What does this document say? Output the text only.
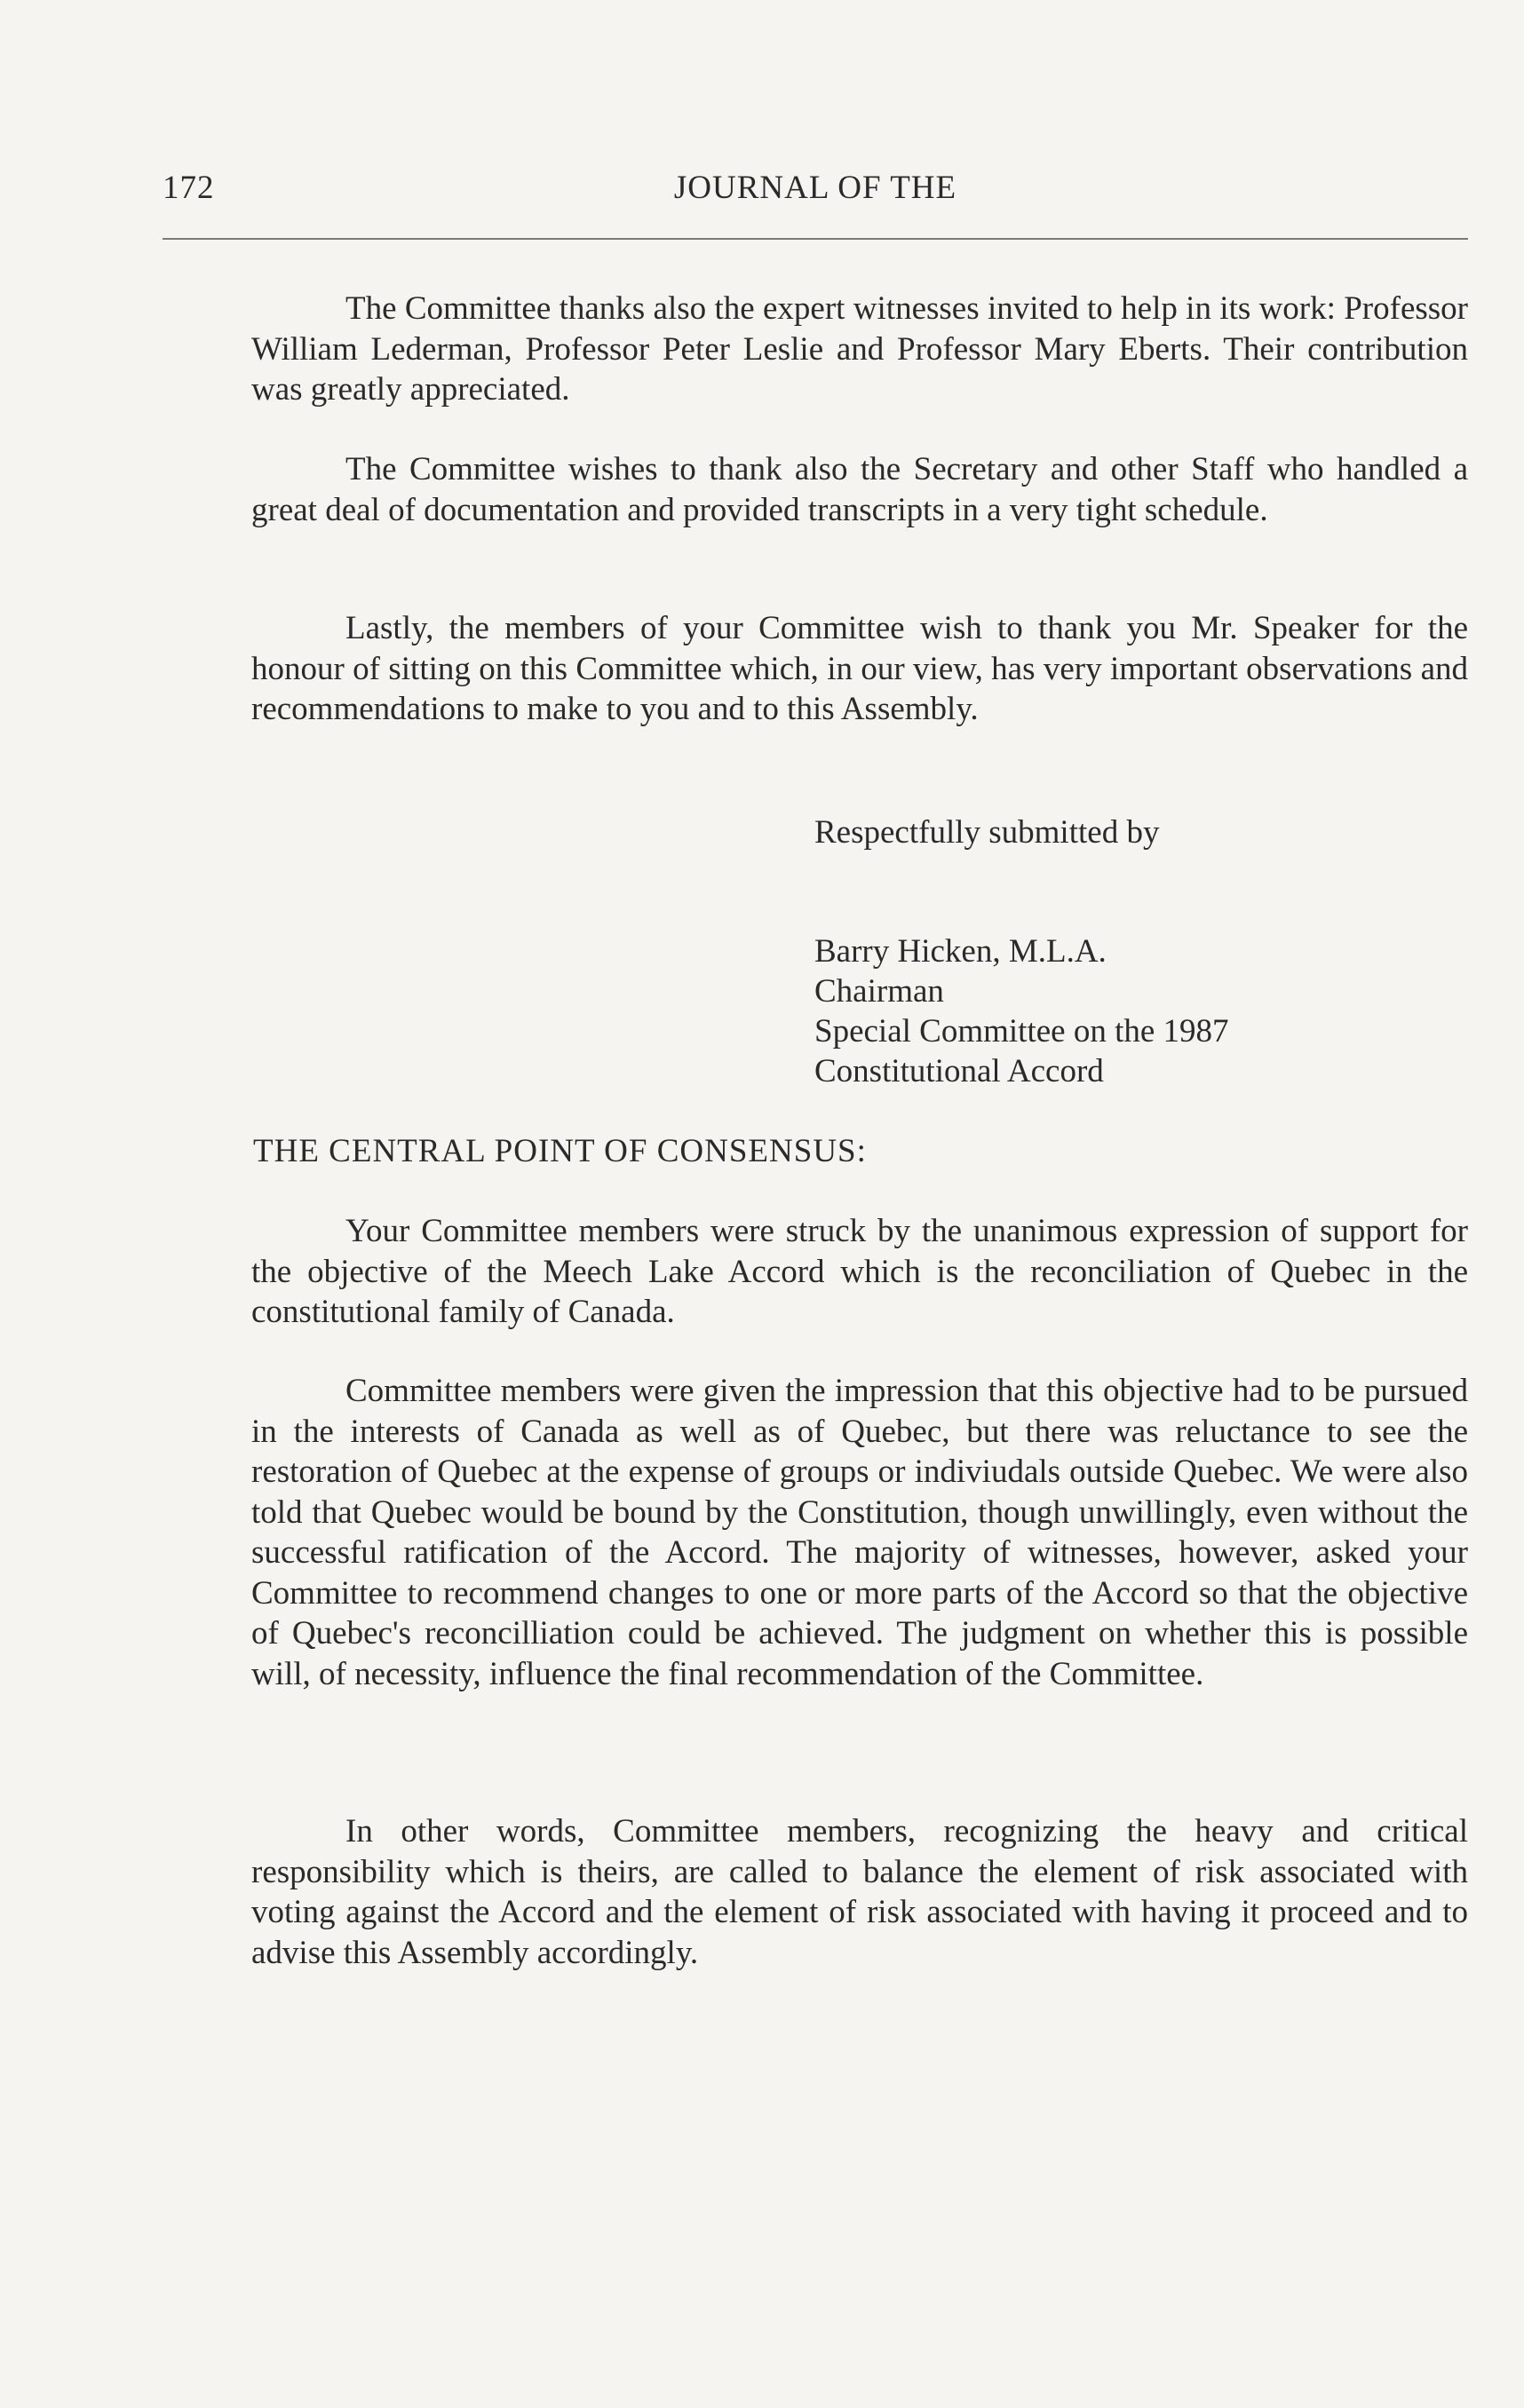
172	JOURNAL OF THE

The Committee thanks also the expert witnesses invited to help in its work: Professor William Lederman, Professor Peter Leslie and Professor Mary Eberts. Their contribution was greatly appreciated.

The Committee wishes to thank also the Secretary and other Staff who handled a great deal of documentation and provided transcripts in a very tight schedule.

Lastly, the members of your Committee wish to thank you Mr. Speaker for the honour of sitting on this Committee which, in our view, has very important observations and recommendations to make to you and to this Assembly.

Respectfully submitted by

Barry Hicken, M.L.A.
Chairman
Special Committee on the 1987
Constitutional Accord
THE CENTRAL POINT OF CONSENSUS:

Your Committee members were struck by the unanimous expression of support for the objective of the Meech Lake Accord which is the reconciliation of Quebec in the constitutional family of Canada.

Committee members were given the impression that this objective had to be pursued in the interests of Canada as well as of Quebec, but there was reluctance to see the restoration of Quebec at the expense of groups or indiviudals outside Quebec. We were also told that Quebec would be bound by the Constitution, though unwillingly, even without the successful ratification of the Accord. The majority of witnesses, however, asked your Committee to recommend changes to one or more parts of the Accord so that the objective of Quebec's reconcilliation could be achieved. The judgment on whether this is possible will, of necessity, influence the final recommendation of the Committee.

In other words, Committee members, recognizing the heavy and critical responsibility which is theirs, are called to balance the element of risk associated with voting against the Accord and the element of risk associated with having it proceed and to advise this Assembly accordingly.
